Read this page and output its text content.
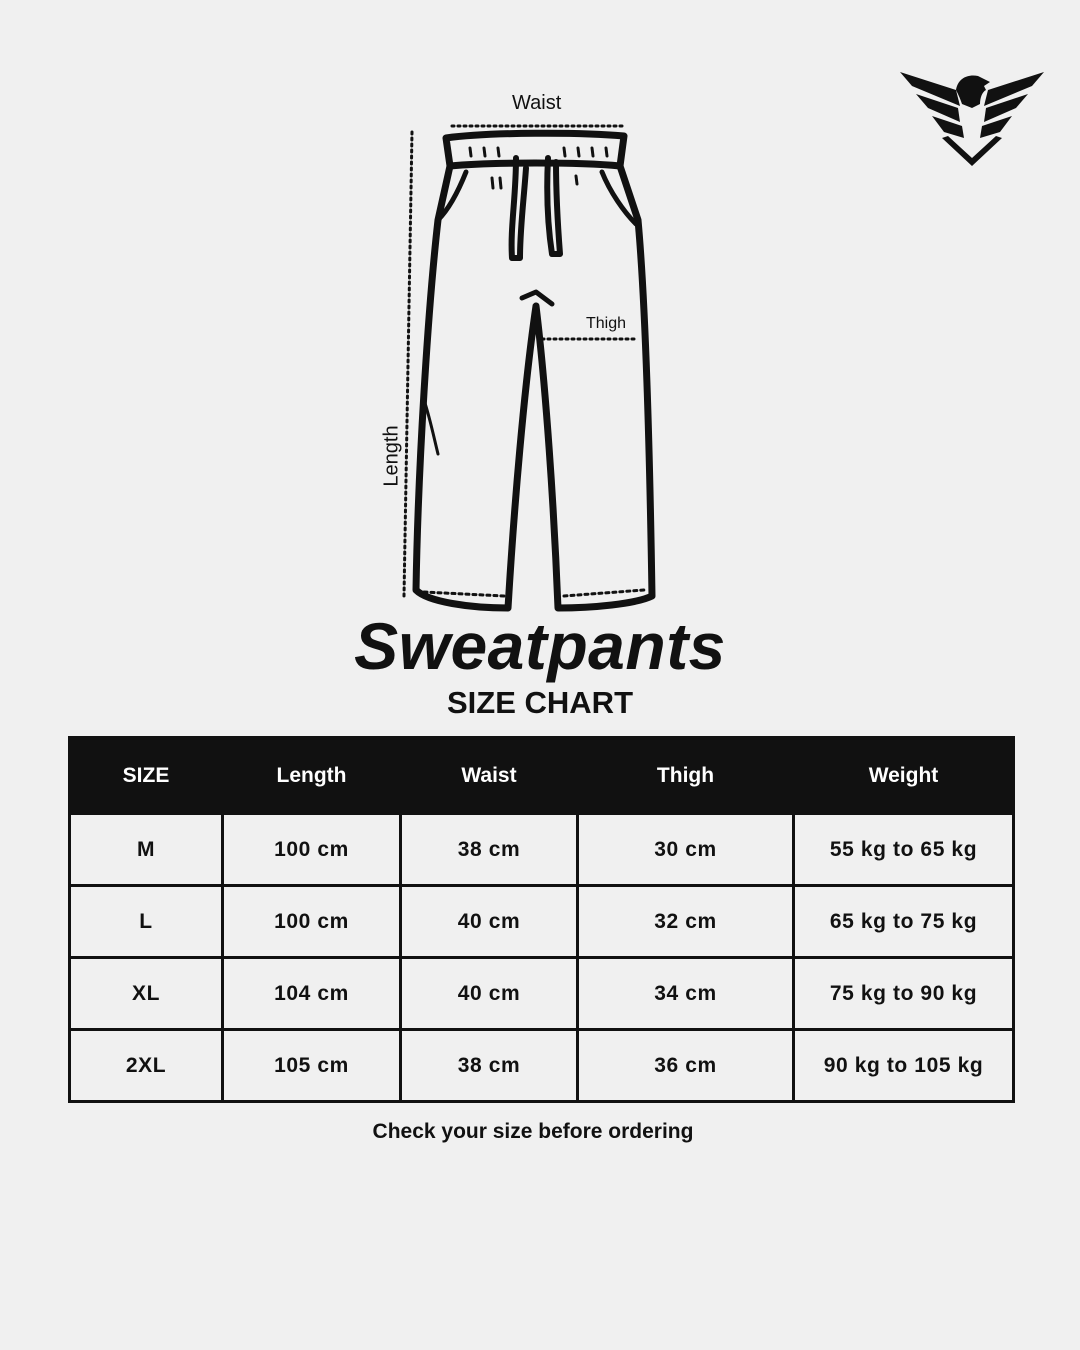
Waist
Thigh
Length
Sweatpants
SIZE CHART
SIZE	Length	Waist	Thigh	Weight
M	100 cm	38 cm	30 cm	55 kg to 65 kg
L	100 cm	40 cm	32 cm	65 kg to 75 kg
XL	104 cm	40 cm	34 cm	75 kg to 90 kg
2XL	105 cm	38 cm	36 cm	90 kg to 105 kg
Check your size before ordering
